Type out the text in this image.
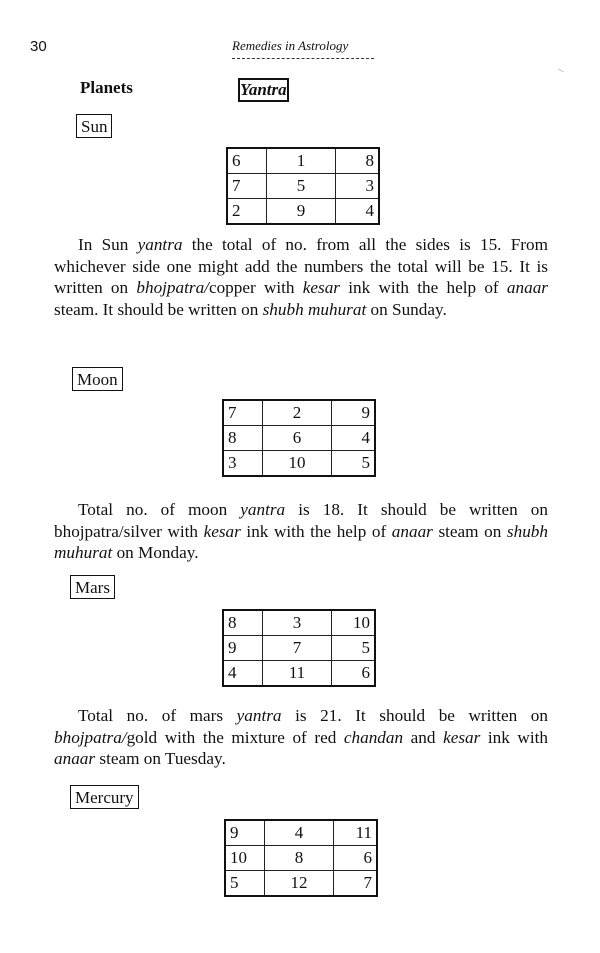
30	Remedies in Astrology
Planets	Yantra
Sun
6	1	8
7	5	3
2	9	4

In Sun yantra the total of no. from all the sides is 15. From whichever side one might add the numbers the total will be 15. It is written on bhojpatra/copper with kesar ink with the help of anaar steam. It should be written on shubh muhurat on Sunday.

Moon
7	2	9
8	6	4
3	10	5

Total no. of moon yantra is 18. It should be written on bhojpatra/silver with kesar ink with the help of anaar steam on shubh muhurat on Monday.

Mars
8	3	10
9	7	5
4	11	6

Total no. of mars yantra is 21. It should be written on bhojpatra/gold with the mixture of red chandan and kesar ink with anaar steam on Tuesday.

Mercury
9	4	11
10	8	6
5	12	7
